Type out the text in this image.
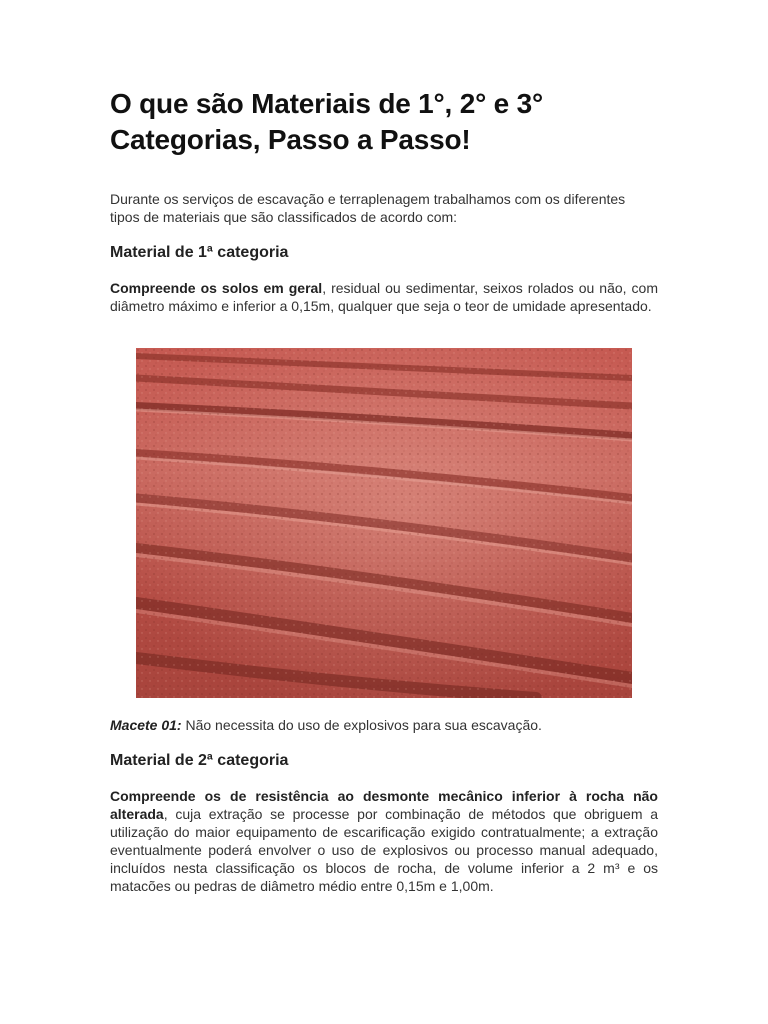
O que são Materiais de 1°, 2° e 3° Categorias, Passo a Passo!

Durante os serviços de escavação e terraplenagem trabalhamos com os diferentes tipos de materiais que são classificados de acordo com:

Material de 1ª categoria

Compreende os solos em geral, residual ou sedimentar, seixos rolados ou não, com diâmetro máximo e inferior a 0,15m, qualquer que seja o teor de umidade apresentado.

Macete 01: Não necessita do uso de explosivos para sua escavação.

Material de 2ª categoria

Compreende os de resistência ao desmonte mecânico inferior à rocha não alterada, cuja extração se processe por combinação de métodos que obriguem a utilização do maior equipamento de escarificação exigido contratualmente; a extração eventualmente poderá envolver o uso de explosivos ou processo manual adequado, incluídos nesta classificação os blocos de rocha, de volume inferior a 2 m³ e os matacões ou pedras de diâmetro médio entre 0,15m e 1,00m.
